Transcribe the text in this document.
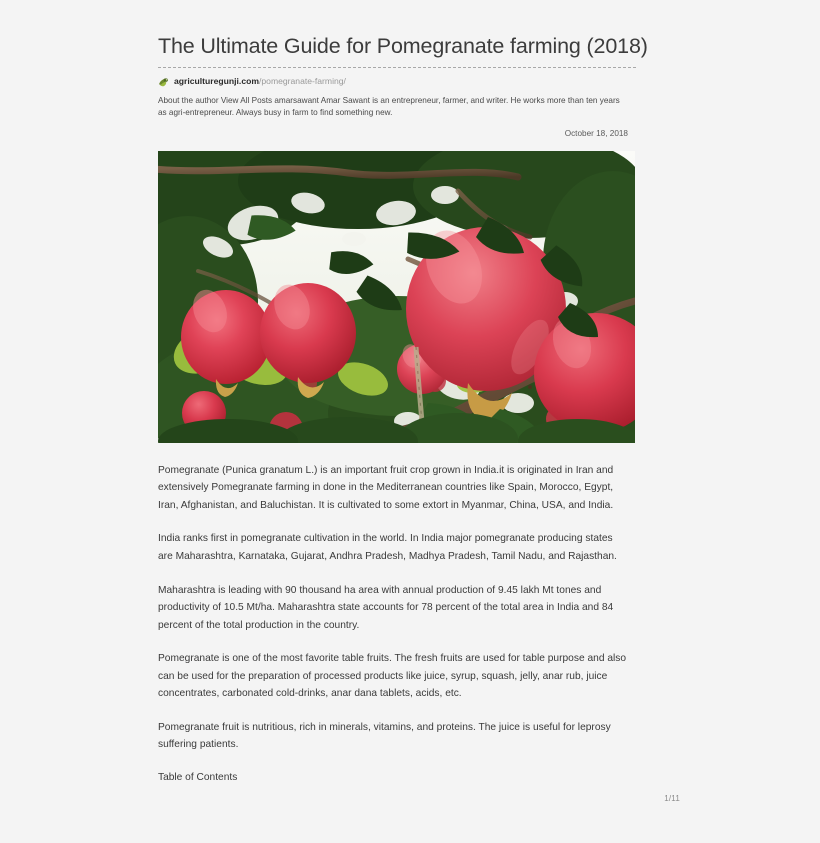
The Ultimate Guide for Pomegranate farming (2018)
agriculturegunji.com/pomegranate-farming/

About the author View All Posts amarsawant Amar Sawant is an entrepreneur, farmer, and writer. He works more than ten years as agri-entrepreneur. Always busy in farm to find something new.

October 18, 2018

Pomegranate (Punica granatum L.) is an important fruit crop grown in India.it is originated in Iran and extensively Pomegranate farming in done in the Mediterranean countries like Spain, Morocco, Egypt, Iran, Afghanistan, and Baluchistan. It is cultivated to some extort in Myanmar, China, USA, and India.

India ranks first in pomegranate cultivation in the world. In India major pomegranate producing states are Maharashtra, Karnataka, Gujarat, Andhra Pradesh, Madhya Pradesh, Tamil Nadu, and Rajasthan.

Maharashtra is leading with 90 thousand ha area with annual production of 9.45 lakh Mt tones and productivity of 10.5 Mt/ha. Maharashtra state accounts for 78 percent of the total area in India and 84 percent of the total production in the country.

Pomegranate is one of the most favorite table fruits. The fresh fruits are used for table purpose and also can be used for the preparation of processed products like juice, syrup, squash, jelly, anar rub, juice concentrates, carbonated cold-drinks, anar dana tablets, acids, etc.

Pomegranate fruit is nutritious, rich in minerals, vitamins, and proteins. The juice is useful for leprosy suffering patients.

Table of Contents
1/11
